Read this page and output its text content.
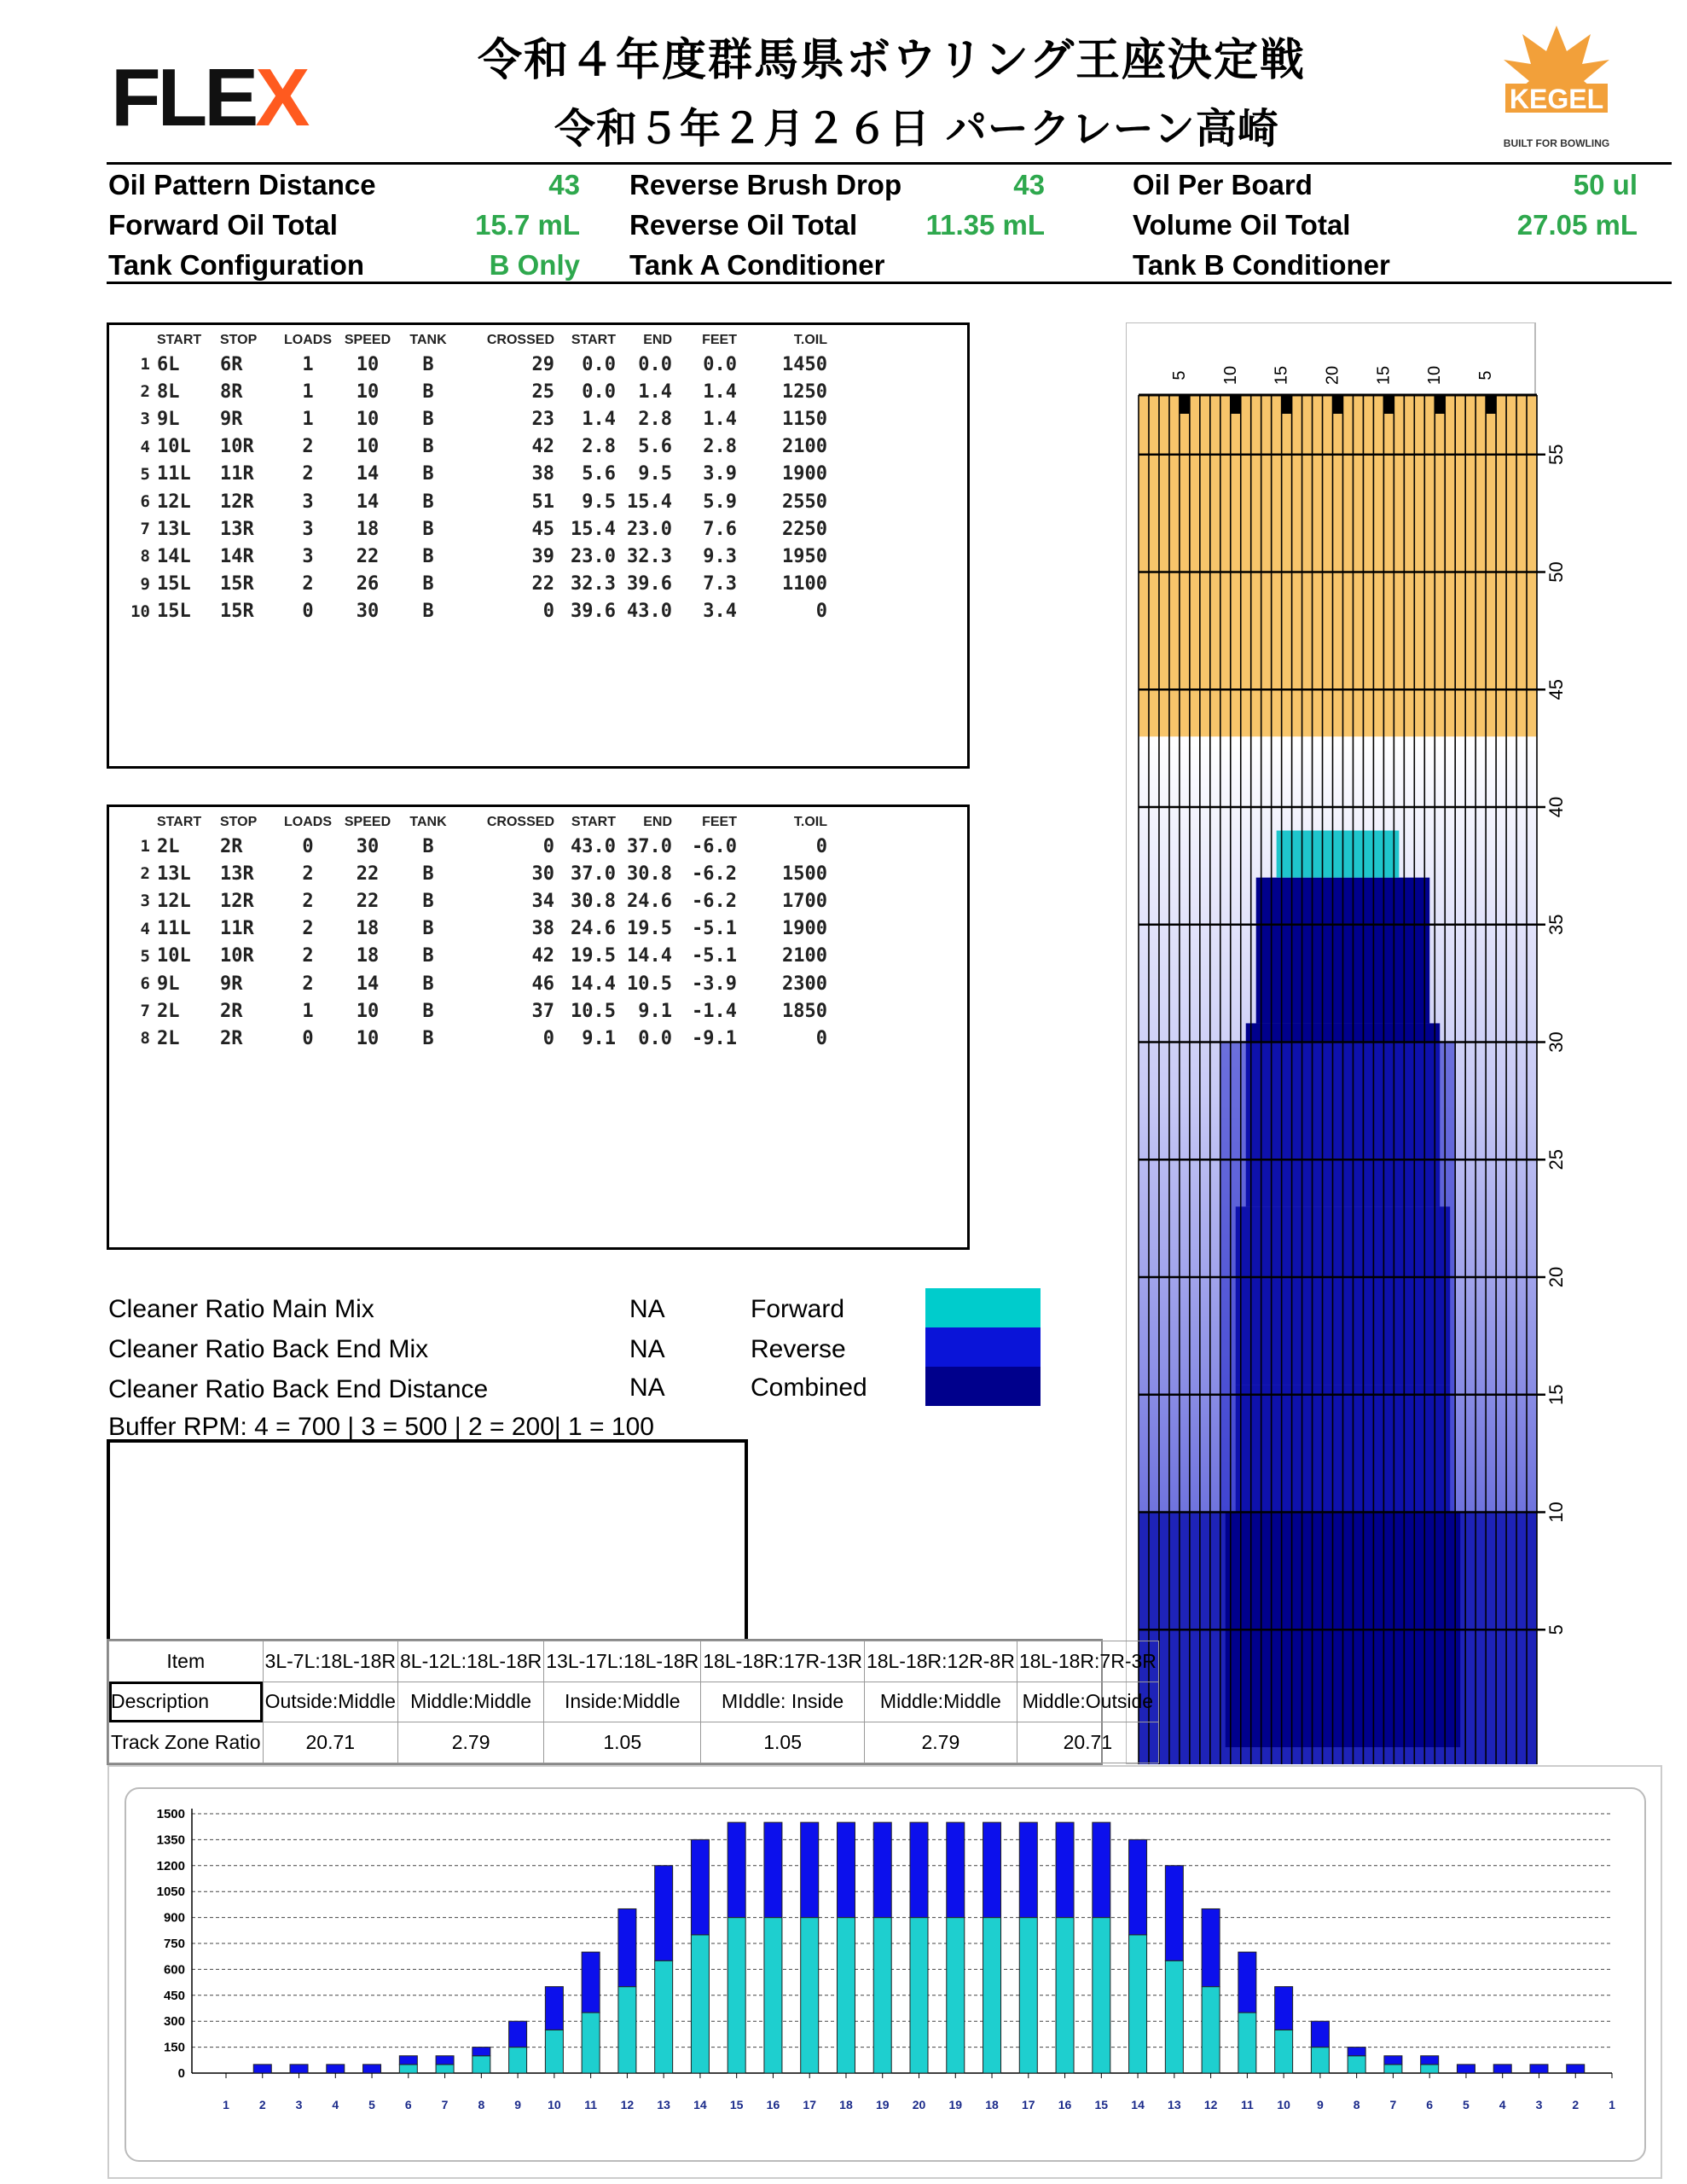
FLEX	令和４年度群馬県ボウリング王座決定戦
令和５年２月２６日 パークレーン高崎
KEGEL
BUILT FOR BOWLING
Oil Pattern Distance	43 Reverse Brush Drop	43	Oil Per Board	50 ul
Forward Oil Total	15.7 mL Reverse Oil Total	11.35 mL	Volume Oil Total	27.05 mL
Tank Configuration	B Only Tank A Conditioner	Tank B Conditioner
	START	STOP	LOADS	SPEED	TANK	CROSSED	START	END	FEET	T.OIL
1	6L	6R	1	10	B	29	0.0	0.0	0.0	1450
2	8L	8R	1	10	B	25	0.0	1.4	1.4	1250
3	9L	9R	1	10	B	23	1.4	2.8	1.4	1150
4	10L	10R	2	10	B	42	2.8	5.6	2.8	2100
5	11L	11R	2	14	B	38	5.6	9.5	3.9	1900
6	12L	12R	3	14	B	51	9.5	15.4	5.9	2550
7	13L	13R	3	18	B	45	15.4	23.0	7.6	2250
8	14L	14R	3	22	B	39	23.0	32.3	9.3	1950
9	15L	15R	2	26	B	22	32.3	39.6	7.3	1100
10	15L	15R	0	30	B	0	39.6	43.0	3.4	0
	START	STOP	LOADS	SPEED	TANK	CROSSED	START	END	FEET	T.OIL
1	2L	2R	0	30	B	0	43.0	37.0	-6.0	0
2	13L	13R	2	22	B	30	37.0	30.8	-6.2	1500
3	12L	12R	2	22	B	34	30.8	24.6	-6.2	1700
4	11L	11R	2	18	B	38	24.6	19.5	-5.1	1900
5	10L	10R	2	18	B	42	19.5	14.4	-5.1	2100
6	9L	9R	2	14	B	46	14.4	10.5	-3.9	2300
7	2L	2R	1	10	B	37	10.5	9.1	-1.4	1850
8	2L	2R	0	10	B	0	9.1	0.0	-9.1	0
Cleaner Ratio Main Mix	NA
Cleaner Ratio Back End Mix	NA
Cleaner Ratio Back End Distance	NA
Buffer RPM: 4 = 700 | 3 = 500 | 2 = 200| 1 = 100
Forward
Reverse
Combined
55
50
45
40
35
30
25
20
15
10
5
5 10 15 20 15 10 5
Item	3L-7L:18L-18R	8L-12L:18L-18R	13L-17L:18L-18R	18L-18R:17R-13R	18L-18R:12R-8R	18L-18R:7R-3R
Description	Outside:Middle	Middle:Middle	Inside:Middle	MIddle: Inside	Middle:Middle	Middle:Outside
Track Zone Ratio	20.71	2.79	1.05	1.05	2.79	20.71
0
150
300
450
600
750
900
1050
1200
1350
1500
1 2 3 4 5 6 7 8 9 10 11 12 13 14 15 16 17 18 19 20 19 18 17 16 15 14 13 12 11 10 9 8 7 6 5 4 3 2 1
